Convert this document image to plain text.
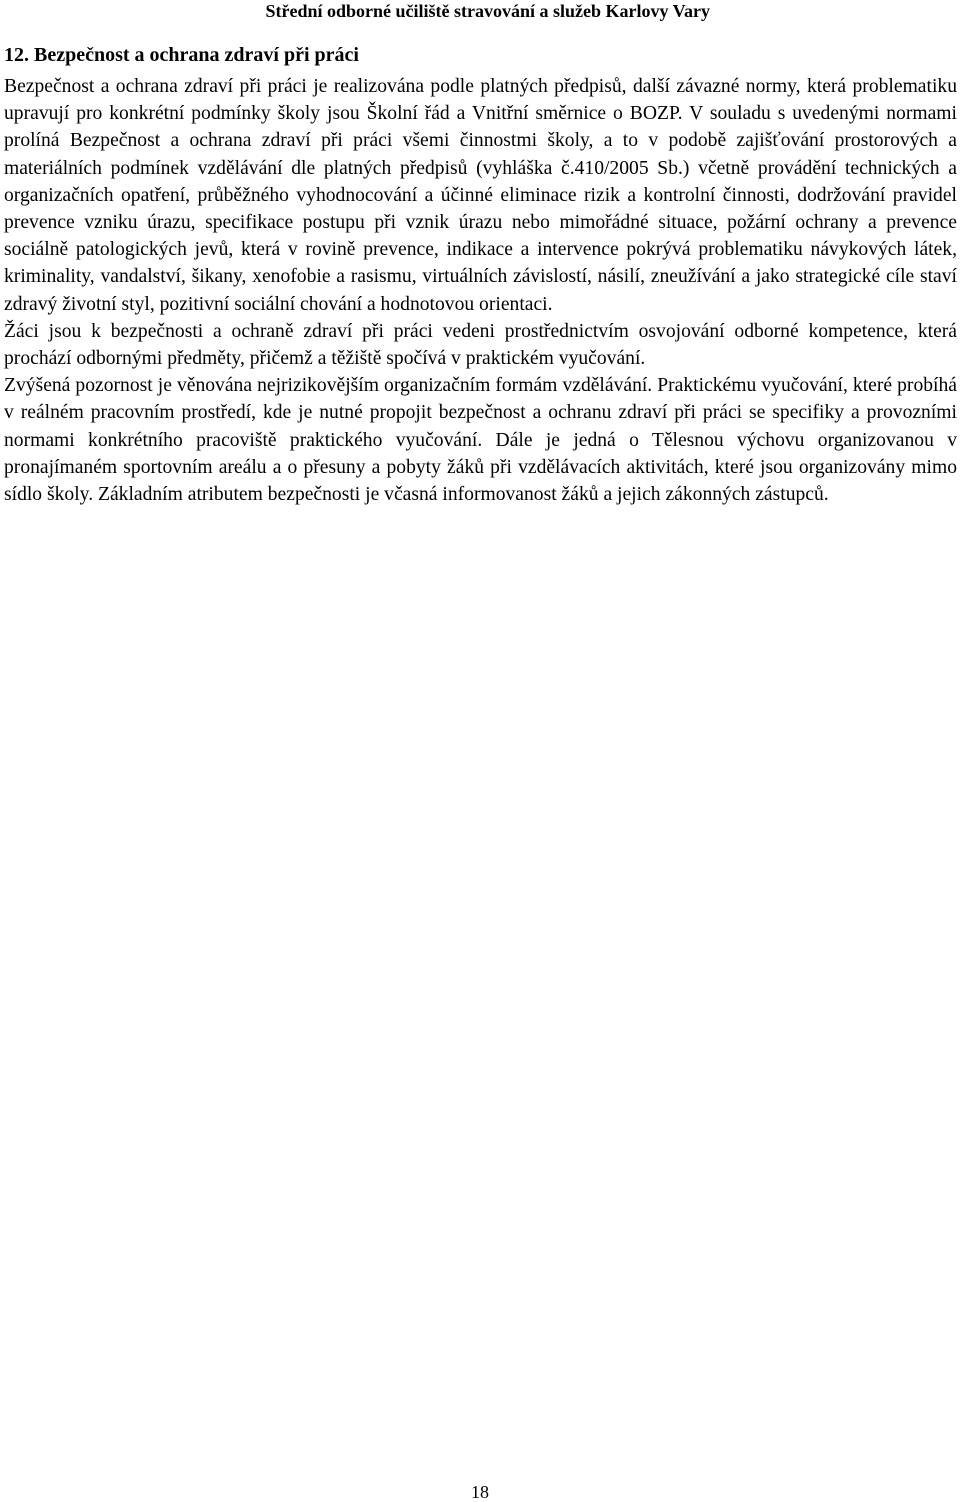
Střední odborné učiliště stravování a služeb Karlovy Vary
12. Bezpečnost a ochrana zdraví při práci

Bezpečnost a ochrana zdraví při práci je realizována podle platných předpisů, další závazné normy, která problematiku upravují pro konkrétní podmínky školy jsou Školní řád a Vnitřní směrnice o BOZP. V souladu s uvedenými normami prolíná Bezpečnost a ochrana zdraví při práci všemi činnostmi školy, a to v podobě zajišťování prostorových a materiálních podmínek vzdělávání dle platných předpisů (vyhláška č.410/2005 Sb.) včetně provádění technických a organizačních opatření, průběžného vyhodnocování a účinné eliminace rizik a kontrolní činnosti, dodržování pravidel prevence vzniku úrazu, specifikace postupu při vznik úrazu nebo mimořádné situace, požární ochrany a prevence sociálně patologických jevů, která v rovině prevence, indikace a intervence pokrývá problematiku návykových látek, kriminality, vandalství, šikany, xenofobie a rasismu, virtuálních závislostí, násilí, zneužívání a jako strategické cíle staví zdravý životní styl, pozitivní sociální chování a hodnotovou orientaci.

Žáci jsou k bezpečnosti a ochraně zdraví při práci vedeni prostřednictvím osvojování odborné kompetence, která prochází odbornými předměty, přičemž a těžiště spočívá v praktickém vyučování.

Zvýšená pozornost je věnována nejrizikovějším organizačním formám vzdělávání. Praktickému vyučování, které probíhá v reálném pracovním prostředí, kde je nutné propojit bezpečnost a ochranu zdraví při práci se specifiky a provozními normami konkrétního pracoviště praktického vyučování. Dále je jedná o Tělesnou výchovu organizovanou v pronajímaném sportovním areálu a o přesuny a pobyty žáků při vzdělávacích aktivitách, které jsou organizovány mimo sídlo školy. Základním atributem bezpečnosti je včasná informovanost žáků a jejich zákonných zástupců.

18
